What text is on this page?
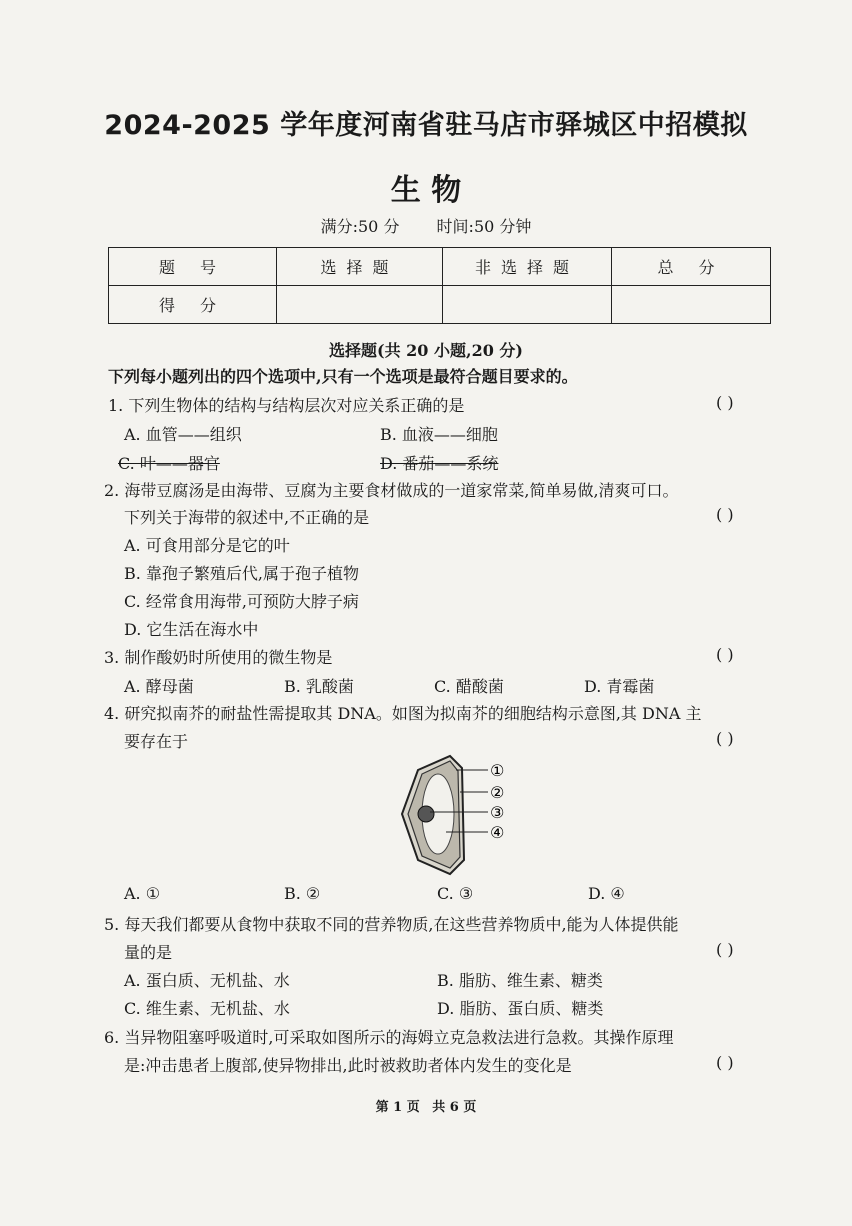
2024-2025 学年度河南省驻马店市驿城区中招模拟
生 物
满分:50 分 时间:50 分钟
题 号	选择题	非选择题	总 分
得 分			
选择题(共 20 小题,20 分)
下列每小题列出的四个选项中,只有一个选项是最符合题目要求的。
1. 下列生物体的结构与结构层次对应关系正确的是	( )
A. 血管——组织	B. 血液——细胞
C. 叶——器官	D. 番茄——系统
2. 海带豆腐汤是由海带、豆腐为主要食材做成的一道家常菜,简单易做,清爽可口。
下列关于海带的叙述中,不正确的是	( )
A. 可食用部分是它的叶
B. 靠孢子繁殖后代,属于孢子植物
C. 经常食用海带,可预防大脖子病
D. 它生活在海水中
3. 制作酸奶时所使用的微生物是	( )
A. 酵母菌	B. 乳酸菌	C. 醋酸菌	D. 青霉菌
4. 研究拟南芥的耐盐性需提取其 DNA。如图为拟南芥的细胞结构示意图,其 DNA 主
要存在于	( )
①
②
③
④
A. ①	B. ②	C. ③	D. ④
5. 每天我们都要从食物中获取不同的营养物质,在这些营养物质中,能为人体提供能
量的是	( )
A. 蛋白质、无机盐、水	B. 脂肪、维生素、糖类
C. 维生素、无机盐、水	D. 脂肪、蛋白质、糖类
6. 当异物阻塞呼吸道时,可采取如图所示的海姆立克急救法进行急救。其操作原理
是:冲击患者上腹部,使异物排出,此时被救助者体内发生的变化是	( )
第 1 页 共 6 页
